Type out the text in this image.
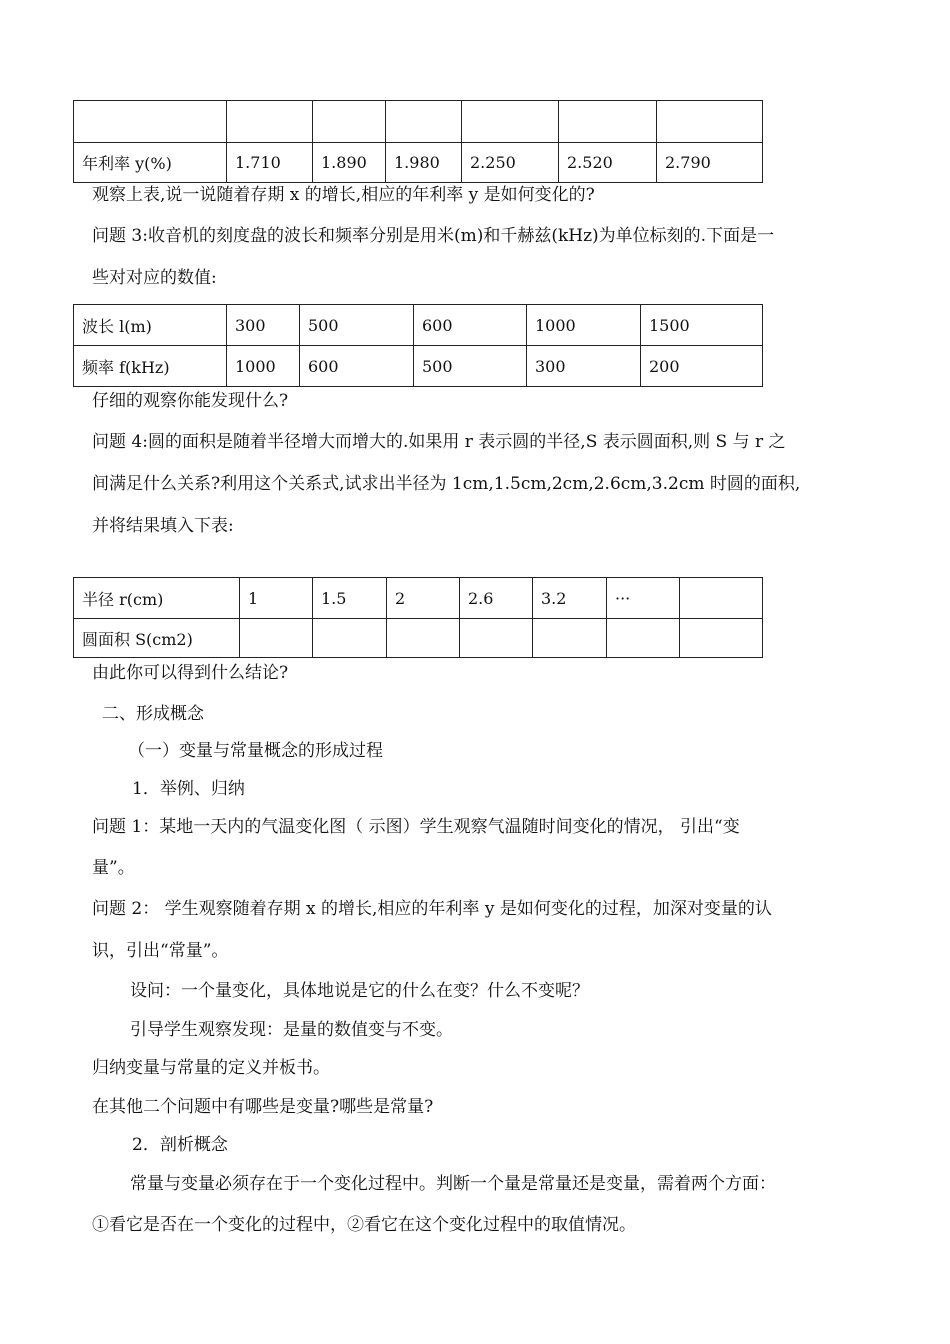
年利率 y(%)	1.710	1.890	1.980	2.250	2.520	2.790
观察上表,说一说随着存期 x 的增长,相应的年利率 y 是如何变化的?
问题 3:收音机的刻度盘的波长和频率分别是用米(m)和千赫兹(kHz)为单位标刻的.下面是一
些对对应的数值:
波长 l(m)	300	500	600	1000	1500
频率 f(kHz)	1000	600	500	300	200
仔细的观察你能发现什么?
问题 4:圆的面积是随着半径增大而增大的.如果用 r 表示圆的半径,S 表示圆面积,则 S 与 r 之
间满足什么关系?利用这个关系式,试求出半径为 1cm,1.5cm,2cm,2.6cm,3.2cm 时圆的面积,
并将结果填入下表:
半径 r(cm)	1	1.5	2	2.6	3.2	···	
圆面积 S(cm2)							
由此你可以得到什么结论?
二、形成概念
（一）变量与常量概念的形成过程
1．举例、归纳
问题 1：某地一天内的气温变化图（ 示图）学生观察气温随时间变化的情况， 引出“变
量”。
问题 2： 学生观察随着存期 x 的增长,相应的年利率 y 是如何变化的过程，加深对变量的认
识，引出“常量”。
设问：一个量变化，具体地说是它的什么在变？什么不变呢？
引导学生观察发现：是量的数值变与不变。
归纳变量与常量的定义并板书。
在其他二个问题中有哪些是变量?哪些是常量?
2．剖析概念
常量与变量必须存在于一个变化过程中。判断一个量是常量还是变量，需着两个方面：
①看它是否在一个变化的过程中，②看它在这个变化过程中的取值情况。
